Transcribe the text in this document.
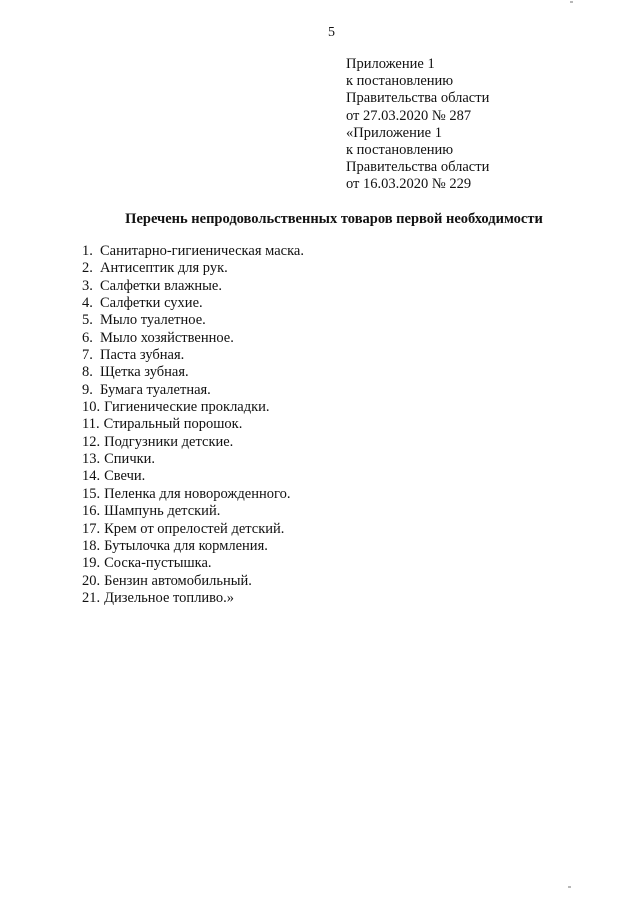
5
Приложение 1
к постановлению
Правительства области
от 27.03.2020 № 287
«Приложение 1
к постановлению
Правительства области
от 16.03.2020 № 229
Перечень непродовольственных товаров первой необходимости
1. Санитарно-гигиеническая маска.
2. Антисептик для рук.
3. Салфетки влажные.
4. Салфетки сухие.
5. Мыло туалетное.
6. Мыло хозяйственное.
7. Паста зубная.
8. Щетка зубная.
9. Бумага туалетная.
10. Гигиенические прокладки.
11. Стиральный порошок.
12. Подгузники детские.
13. Спички.
14. Свечи.
15. Пеленка для новорожденного.
16. Шампунь детский.
17. Крем от опрелостей детский.
18. Бутылочка для кормления.
19. Соска-пустышка.
20. Бензин автомобильный.
21. Дизельное топливо.»
